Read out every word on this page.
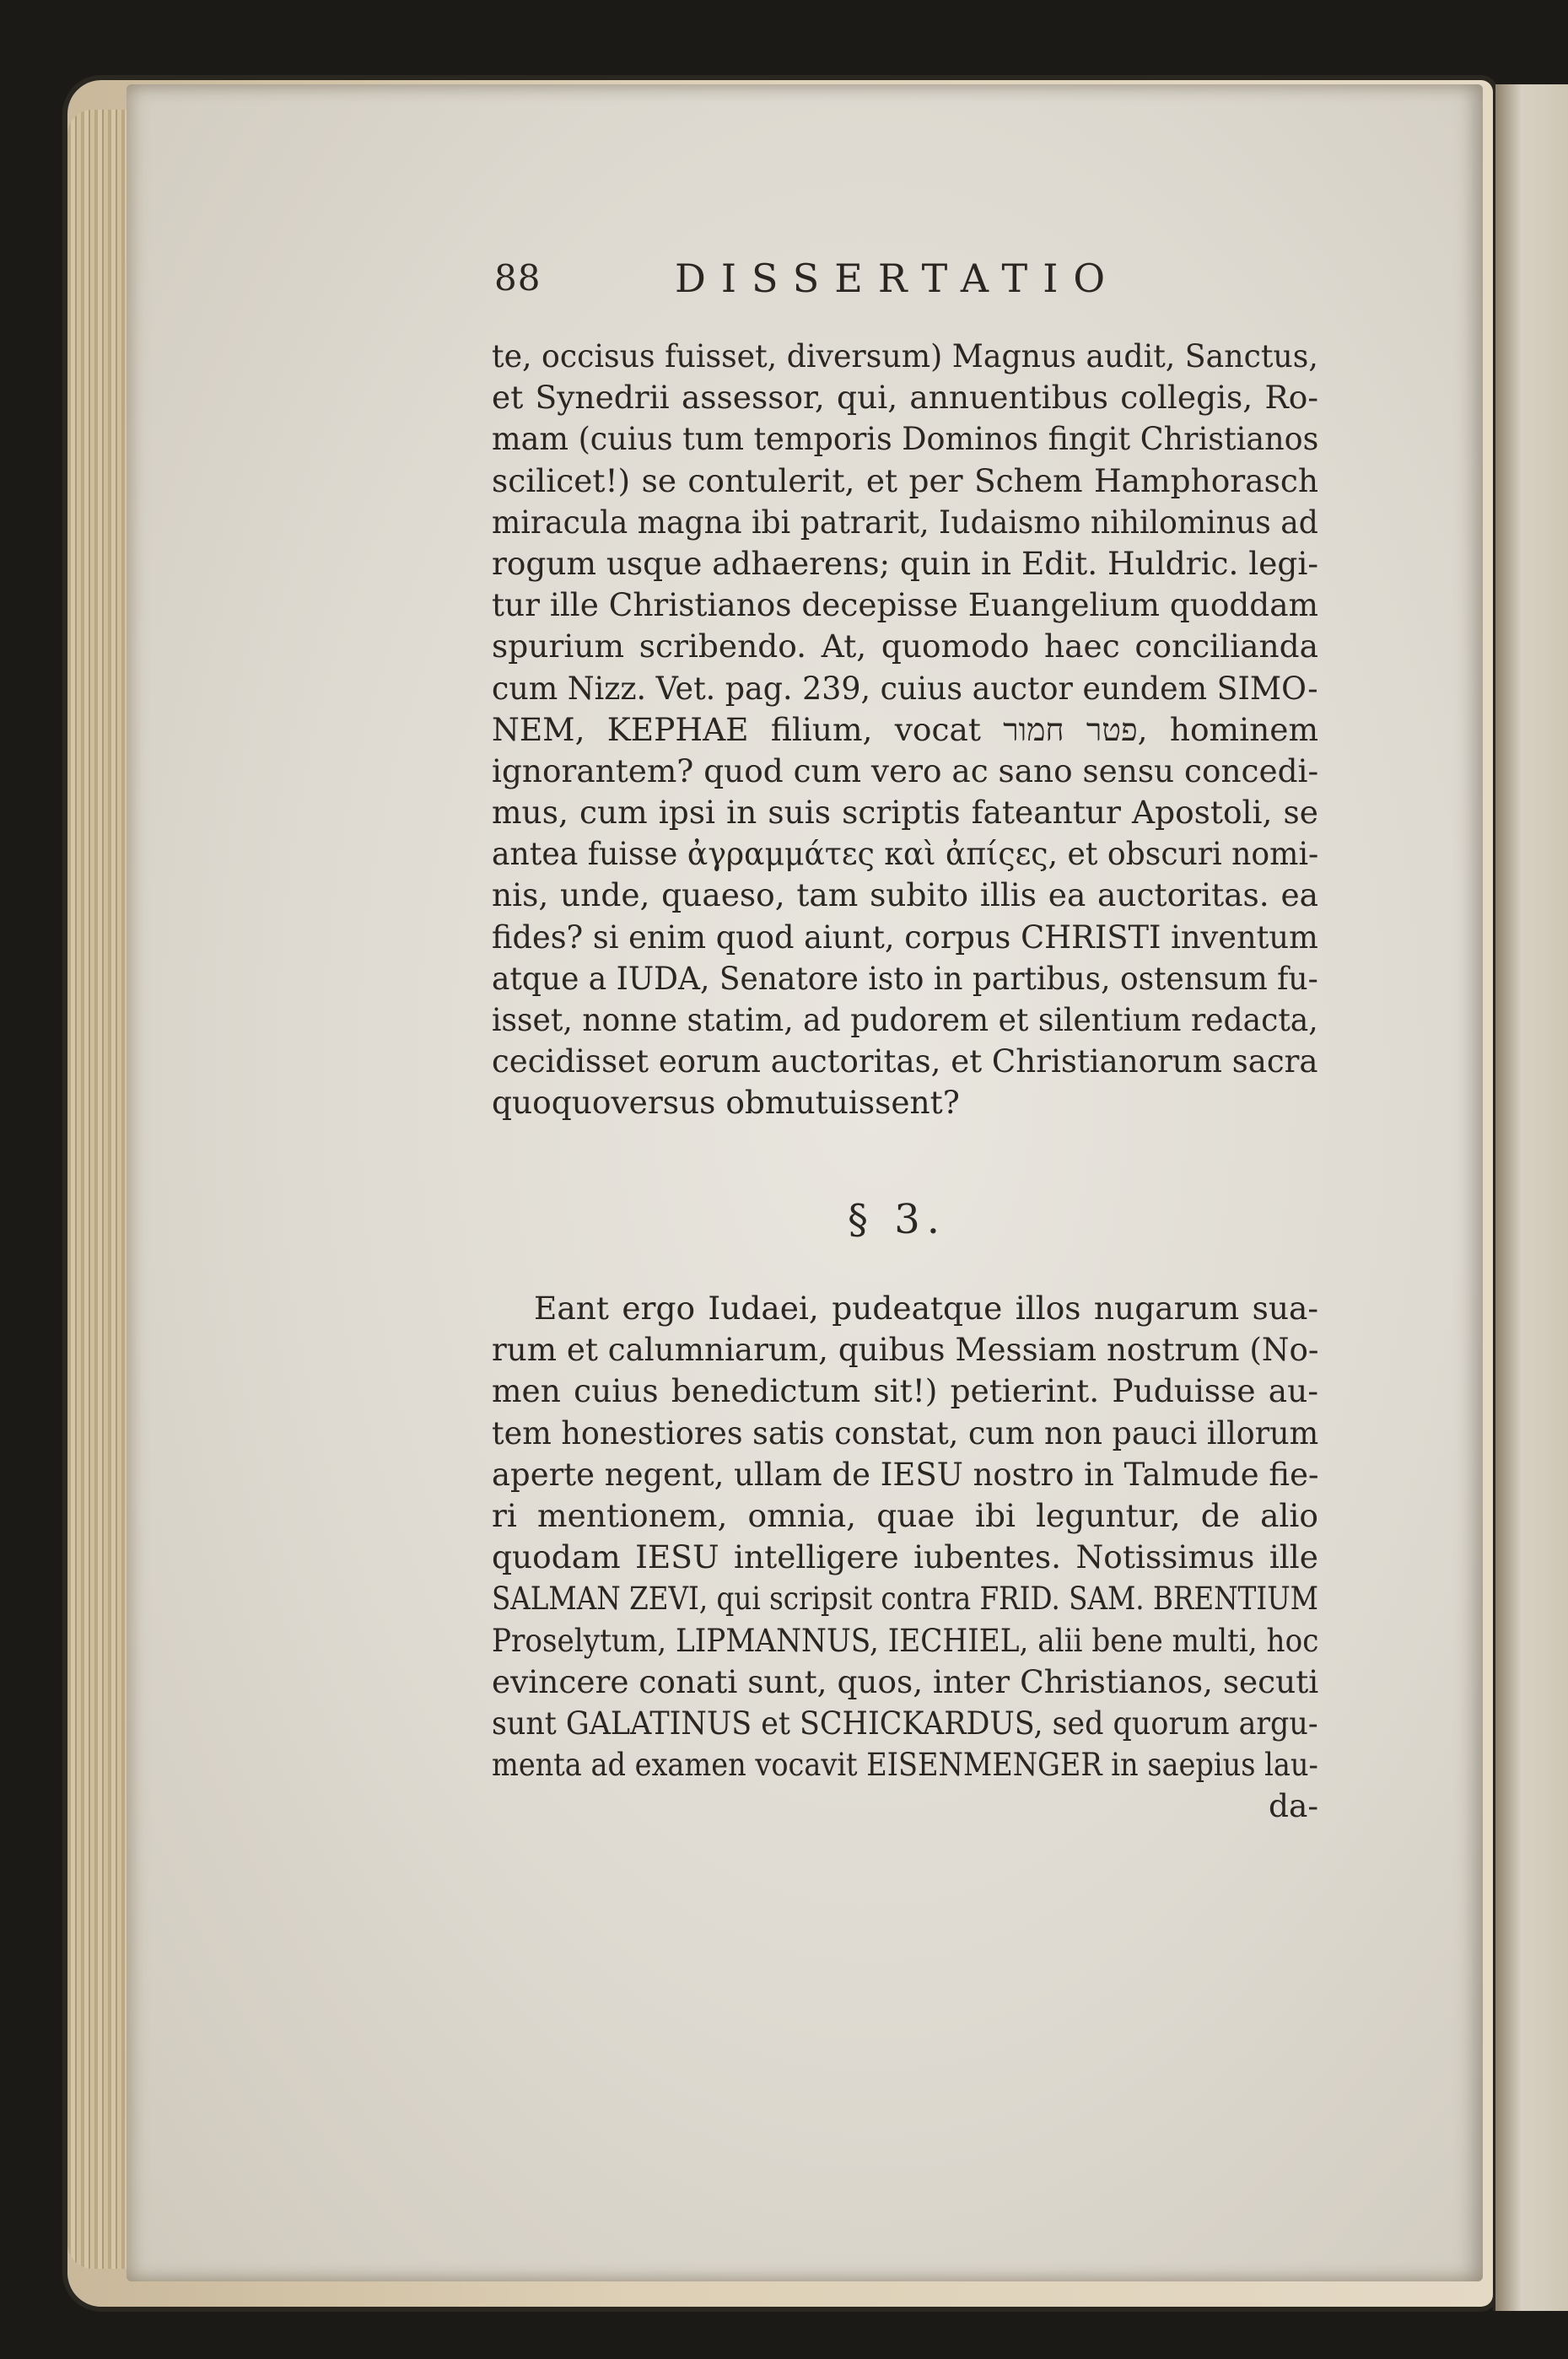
88	DISSERTATIO
te, occisus fuisset, diversum) Magnus audit, Sanctus,
et Synedrii assessor, qui, annuentibus collegis, Ro-
mam (cuius tum temporis Dominos fingit Christianos
scilicet!) se contulerit, et per Schem Hamphorasch
miracula magna ibi patrarit, Iudaismo nihilominus ad
rogum usque adhaerens; quin in Edit. Huldric. legi-
tur ille Christianos decepisse Euangelium quoddam
spurium scribendo. At, quomodo haec concilianda
cum Nizz. Vet. pag. 239, cuius auctor eundem SIMO-
NEM, KEPHAE filium, vocat פטר חמור, hominem
ignorantem? quod cum vero ac sano sensu concedi-
mus, cum ipsi in suis scriptis fateantur Apostoli, se
antea fuisse ἀγραμμάτες καὶ ἀπίςες, et obscuri nomi-
nis, unde, quaeso, tam subito illis ea auctoritas. ea
fides? si enim quod aiunt, corpus CHRISTI inventum
atque a IUDA, Senatore isto in partibus, ostensum fu-
isset, nonne statim, ad pudorem et silentium redacta,
cecidisset eorum auctoritas, et Christianorum sacra
quoquoversus obmutuissent?
§ 3.
Eant ergo Iudaei, pudeatque illos nugarum sua-
rum et calumniarum, quibus Messiam nostrum (No-
men cuius benedictum sit!) petierint. Puduisse au-
tem honestiores satis constat, cum non pauci illorum
aperte negent, ullam de IESU nostro in Talmude fie-
ri mentionem, omnia, quae ibi leguntur, de alio
quodam IESU intelligere iubentes. Notissimus ille
SALMAN ZEVI, qui scripsit contra FRID. SAM. BRENTIUM
Proselytum, LIPMANNUS, IECHIEL, alii bene multi, hoc
evincere conati sunt, quos, inter Christianos, secuti
sunt GALATINUS et SCHICKARDUS, sed quorum argu-
menta ad examen vocavit EISENMENGER in saepius lau-
da-
